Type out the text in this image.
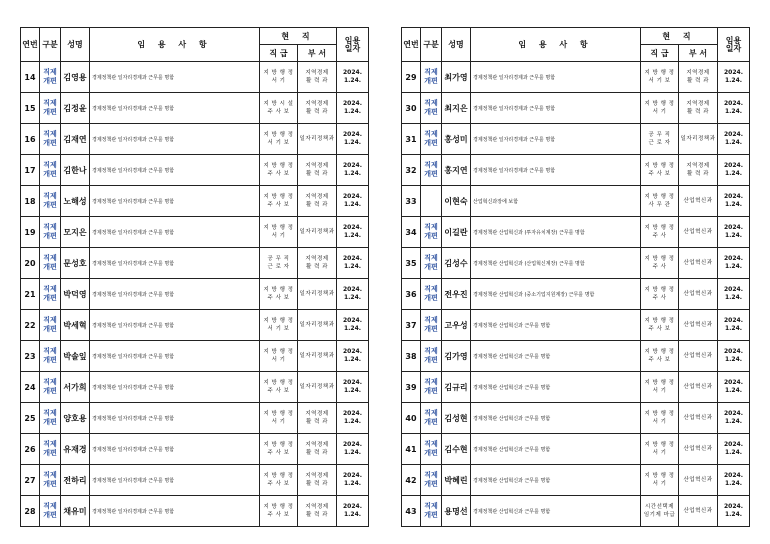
연번	구분	성명	임 용 사 항	현 직		임용
일자

				직 급	부 서	
14	직제
개편	김영용	경제정책관 일자리경제과 근무를 명함	지 방 행 정
서 기	지역경제
활 력 과	2024.
1.24.

15	직제
개편	김정윤	경제정책관 일자리경제과 근무를 명함	지 방 시 설
주 사 보	지역경제
활 력 과	2024.
1.24.

16	직제
개편	김재연	경제정책관 일자리경제과 근무를 명함	지 방 행 정
서 기 보	일자리정책과	2024.
1.24.

17	직제
개편	김한나	경제정책관 일자리경제과 근무를 명함	지 방 행 정
주 사 보	지역경제
활 력 과	2024.
1.24.

18	직제
개편	노해성	경제정책관 일자리경제과 근무를 명함	지 방 행 정
주 사 보	지역경제
활 력 과	2024.
1.24.

19	직제
개편	모지은	경제정책관 일자리경제과 근무를 명함	지 방 행 정
서 기	일자리정책과	2024.
1.24.

20	직제
개편	문성호	경제정책관 일자리경제과 근무를 명함	공 무 직
근 로 자	지역경제
활 력 과	2024.
1.24.

21	직제
개편	박덕영	경제정책관 일자리경제과 근무를 명함	지 방 행 정
주 사 보	일자리정책과	2024.
1.24.

22	직제
개편	박세혁	경제정책관 일자리경제과 근무를 명함	지 방 행 정
서 기 보	일자리정책과	2024.
1.24.

23	직제
개편	박솔잎	경제정책관 일자리경제과 근무를 명함	지 방 행 정
서 기	일자리정책과	2024.
1.24.

24	직제
개편	서가희	경제정책관 일자리경제과 근무를 명함	지 방 행 정
주 사 보	일자리정책과	2024.
1.24.

25	직제
개편	양호용	경제정책관 일자리경제과 근무를 명함	지 방 행 정
서 기	지역경제
활 력 과	2024.
1.24.

26	직제
개편	유재경	경제정책관 일자리경제과 근무를 명함	지 방 행 정
주 사 보	지역경제
활 력 과	2024.
1.24.

27	직제
개편	전하리	경제정책관 일자리경제과 근무를 명함	지 방 행 정
주 사 보	지역경제
활 력 과	2024.
1.24.

28	직제
개편	채유미	경제정책관 일자리경제과 근무를 명함	지 방 행 정
주 사 보	지역경제
활 력 과	2024.
1.24.
연번	구분	성명	임 용 사 항	현 직		임용
일자

				직 급	부 서	
29	직제
개편	최가영	경제정책관 일자리경제과 근무를 명함	지 방 행 정
서 기 보	지역경제
활 력 과	2024.
1.24.

30	직제
개편	최지은	경제정책관 일자리경제과 근무를 명함	지 방 행 정
서 기	지역경제
활 력 과	2024.
1.24.

31	직제
개편	홍성미	경제정책관 일자리경제과 근무를 명함	공 무 직
근 로 자	일자리정책과	2024.
1.24.

32	직제
개편	홍지연	경제정책관 일자리경제과 근무를 명함	지 방 행 정
주 사 보	지역경제
활 력 과	2024.
1.24.

33		이현숙	산업혁신과장에 보함	지 방 행 정
사 무 관	산업혁신과	2024.
1.24.

34	직제
개편	이길란	경제정책관 산업혁신과 (투자유치계장) 근무를 명함	지 방 행 정
주 사	산업혁신과	2024.
1.24.

35	직제
개편	김성수	경제정책관 산업혁신과 (산업혁신계장) 근무를 명함	지 방 행 정
주 사	산업혁신과	2024.
1.24.

36	직제
개편	전우진	경제정책관 산업혁신과 (중소기업지원계장) 근무를 명함	지 방 행 정
주 사	산업혁신과	2024.
1.24.

37	직제
개편	고우성	경제정책관 산업혁신과 근무를 명함	지 방 행 정
주 사 보	산업혁신과	2024.
1.24.

38	직제
개편	김가영	경제정책관 산업혁신과 근무를 명함	지 방 행 정
주 사 보	산업혁신과	2024.
1.24.

39	직제
개편	김규리	경제정책관 산업혁신과 근무를 명함	지 방 행 정
서 기	산업혁신과	2024.
1.24.

40	직제
개편	김성현	경제정책관 산업혁신과 근무를 명함	지 방 행 정
서 기	산업혁신과	2024.
1.24.

41	직제
개편	김수현	경제정책관 산업혁신과 근무를 명함	지 방 행 정
서 기	산업혁신과	2024.
1.24.

42	직제
개편	박혜린	경제정책관 산업혁신과 근무를 명함	지 방 행 정
서 기	산업혁신과	2024.
1.24.

43	직제
개편	용명선	경제정책관 산업혁신과 근무를 명함	시간선택제
임기제 마급	산업혁신과	2024.
1.24.
